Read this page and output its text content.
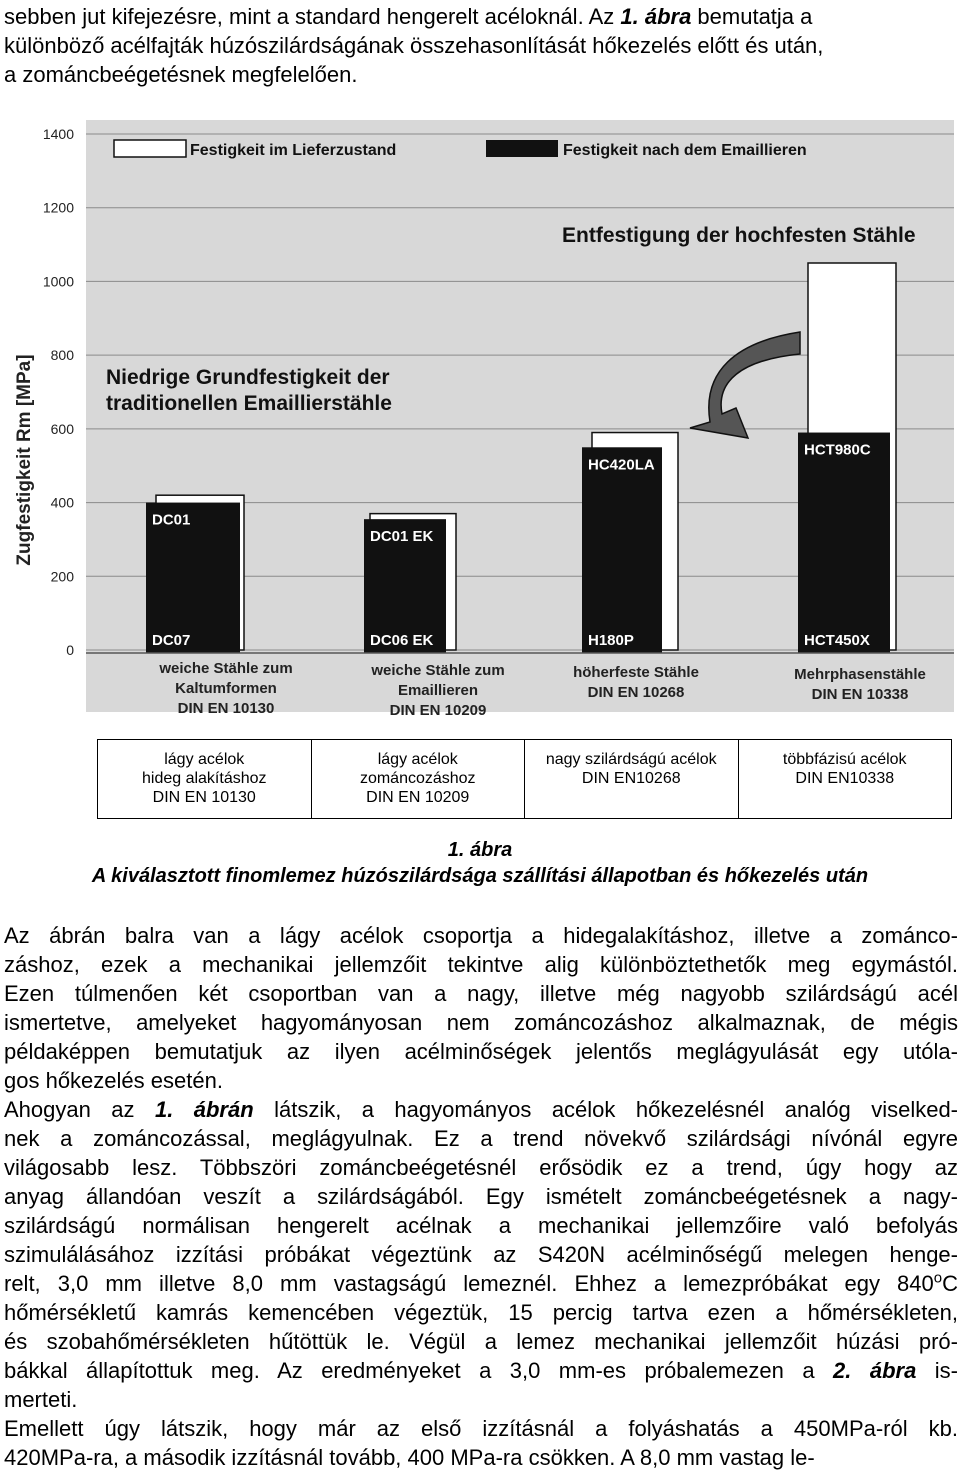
sebben jut kifejezésre, mint a standard hengerelt acéloknál. Az 1. ábra bemutatja a

különböző acélfajták húzószilárdságának összehasonlítását hőkezelés előtt és után,

a zománcbeégetésnek megfelelően.

0
200
400
600
800
1000
1200
1400
Zugfestigkeit Rm [MPa]
Festigkeit im Lieferzustand	Festigkeit nach dem Emaillieren
Entfestigung der hochfesten Stähle
Niedrige Grundfestigkeit der
traditionellen Emaillierstähle
DC01
DC07
DC01 EK
DC06 EK
HC420LA
H180P
HCT980C
HCT450X
weiche Stähle zum
Kaltumformen
DIN EN 10130
weiche Stähle zum
Emaillieren
DIN EN 10209
höherfeste Stähle
DIN EN 10268
Mehrphasenstähle
DIN EN 10338
lágy acélok
hideg alakításhoz
DIN EN 10130

lágy acélok
zománcozáshoz
DIN EN 10209

nagy szilárdságú acélok
DIN EN10268

többfázisú acélok
DIN EN10338
1. ábra
A kiválasztott finomlemez húzószilárdsága szállítási állapotban és hőkezelés után

Az ábrán balra van a lágy acélok csoportja a hidegalakításhoz, illetve a zománco-

záshoz, ezek a mechanikai jellemzőit tekintve alig különböztethetők meg egymástól.

Ezen túlmenően két csoportban van a nagy, illetve még nagyobb szilárdságú acél

ismertetve, amelyeket hagyományosan nem zománcozáshoz alkalmaznak, de mégis

példaképpen bemutatjuk az ilyen acélminőségek jelentős meglágyulását egy utóla-

gos hőkezelés esetén.

Ahogyan az 1. ábrán látszik, a hagyományos acélok hőkezelésnél analóg viselked-

nek a zománcozással, meglágyulnak. Ez a trend növekvő szilárdsági nívónál egyre

világosabb lesz. Többszöri zománcbeégetésnél erősödik ez a trend, úgy hogy az

anyag állandóan veszít a szilárdságából. Egy ismételt zománcbeégetésnek a nagy-

szilárdságú normálisan hengerelt acélnak a mechanikai jellemzőire való befolyás

szimulálásához izzítási próbákat végeztünk az S420N acélminőségű melegen henge-

relt, 3,0 mm illetve 8,0 mm vastagságú lemeznél. Ehhez a lemezpróbákat egy 840$^o$C

hőmérsékletű kamrás kemencében végeztük, 15 percig tartva ezen a hőmérsékleten,

és szobahőmérsékleten hűtöttük le. Végül a lemez mechanikai jellemzőit húzási pró-

bákkal állapítottuk meg. Az eredményeket a 3,0 mm-es próbalemezen a 2. ábra is-

merteti.

Emellett úgy látszik, hogy már az első izzításnál a folyáshatás a 450MPa-ról kb.

420MPa-ra, a második izzításnál tovább, 400 MPa-ra csökken. A 8,0 mm vastag le-
